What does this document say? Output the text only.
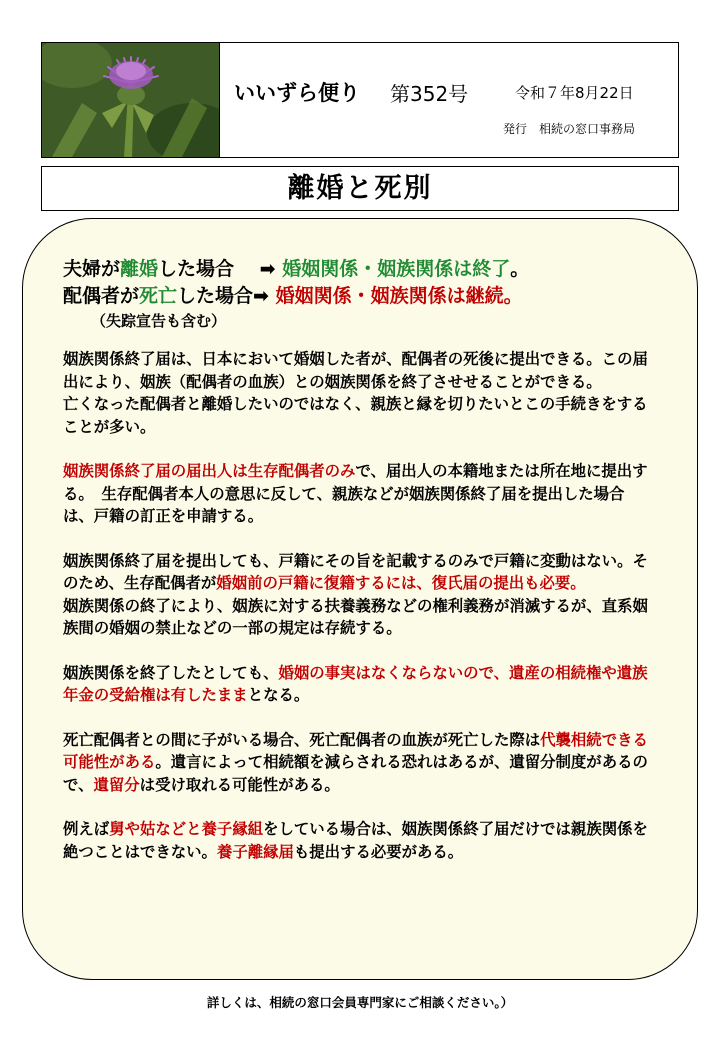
いいずら便り 第352号	令和７年8月22日
発行　相続の窓口事務局
離婚と死別
夫婦が離婚した場合　 ➡ 婚姻関係・姻族関係は終了。
配偶者が死亡した場合➡ 婚姻関係・姻族関係は継続。
（失踪宣告も含む）

姻族関係終了届は、日本において婚姻した者が、配偶者の死後に提出できる。この届出により、姻族（配偶者の血族）との姻族関係を終了させせることができる。

亡くなった配偶者と離婚したいのではなく、親族と縁を切りたいとこの手続きをすることが多い。

姻族関係終了届の届出人は生存配偶者のみで、届出人の本籍地または所在地に提出する。　生存配偶者本人の意思に反して、親族などが姻族関係終了届を提出した場合は、戸籍の訂正を申請する。

姻族関係終了届を提出しても、戸籍にその旨を記載するのみで戸籍に変動はない。そのため、生存配偶者が婚姻前の戸籍に復籍するには、復氏届の提出も必要。

姻族関係の終了により、姻族に対する扶養義務などの権利義務が消滅するが、直系姻族間の婚姻の禁止などの一部の規定は存続する。

姻族関係を終了したとしても、婚姻の事実はなくならないので、遺産の相続権や遺族年金の受給権は有したままとなる。

死亡配偶者との間に子がいる場合、死亡配偶者の血族が死亡した際は代襲相続できる可能性がある。遺言によって相続額を減らされる恐れはあるが、遺留分制度があるので、遺留分は受け取れる可能性がある。

例えば舅や姑などと養子縁組をしている場合は、姻族関係終了届だけでは親族関係を絶つことはできない。養子離縁届も提出する必要がある。

詳しくは、相続の窓口会員専門家にご相談ください。）
